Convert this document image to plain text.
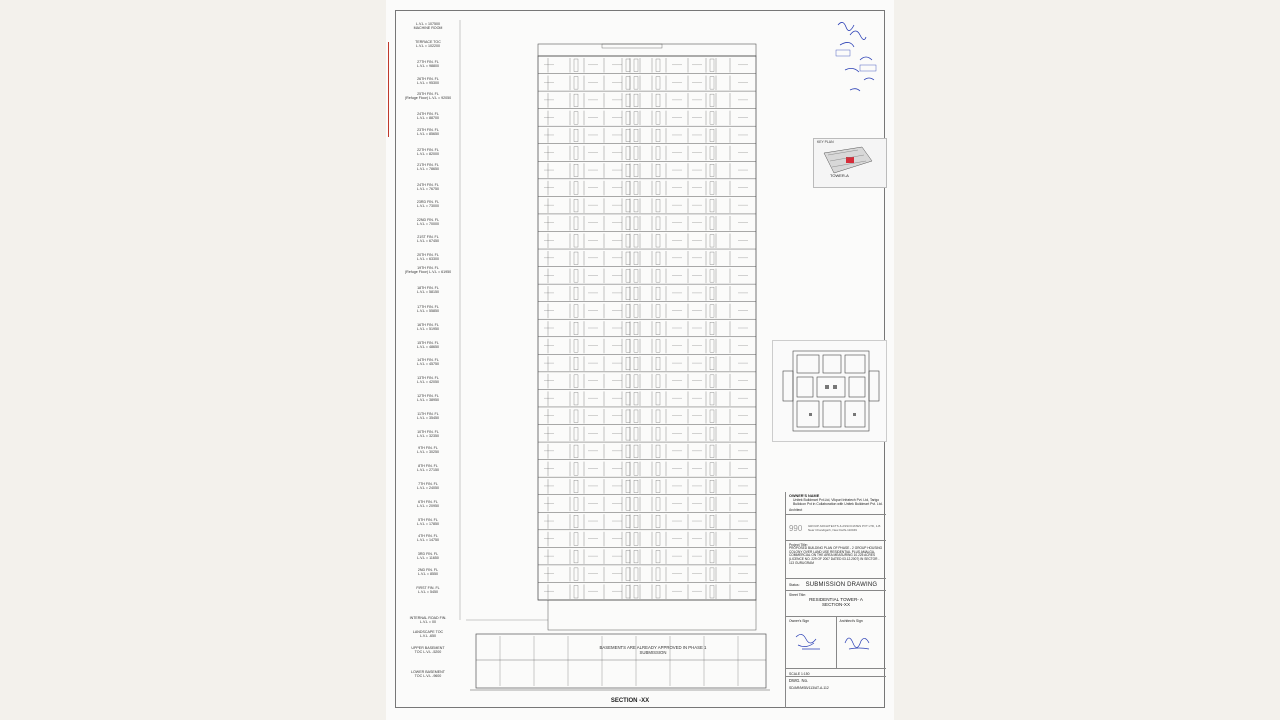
L.V.L = 107500
MACHINE ROOM
TERRACE TOC
L.V.L = 102200
27TH FIN. FL
L.V.L = 98800
26TH FIN. FL
L.V.L = 95300
25TH FIN. FL
(Refuge Floor) L.V.L = 92050
24TH FIN. FL
L.V.L = 88700
23TH FIN. FL
L.V.L = 85650
22TH FIN. FL
L.V.L = 82000
21TH FIN. FL
L.V.L = 78650
24TH FIN. FL
L.V.L = 76750
23RD FIN. FL
L.V.L = 73000
22ND FIN. FL
L.V.L = 70000
21ST FIN. FL
L.V.L = 67450
20TH FIN. FL
L.V.L = 63300
19TH FIN. FL
(Refuge Floor) L.V.L = 61950
18TH FIN. FL
L.V.L = 58150
17TH FIN. FL
L.V.L = 55850
16TH FIN. FL
L.V.L = 51950
15TH FIN. FL
L.V.L = 48650
14TH FIN. FL
L.V.L = 45750
13TH FIN. FL
L.V.L = 42050
12TH FIN. FL
L.V.L = 38950
11TH FIN. FL
L.V.L = 35450
10TH FIN. FL
L.V.L = 32350
9TH FIN. FL
L.V.L = 30250
8TH FIN. FL
L.V.L = 27150
7TH FIN. FL
L.V.L = 24050
6TH FIN. FL
L.V.L = 20950
5TH FIN. FL
L.V.L = 17850
4TH FIN. FL
L.V.L = 14750
3RD FIN. FL
L.V.L = 11650
2ND FIN. FL
L.V.L = 8550
FIRST FIN. FL
L.V.L = 5450
INTERNAL ROAD FIN.
L.V.L = 00
LANDSCAPE TOC
L.V.L -650
UPPER BASEMENT
TOC L.V.L -5200
LOWER BASEMENT
TOC L.V.L -9600
BASEMENTS ARE ALREADY APPROVED IN PHASE 1 SUBMISSION
SECTION -XX
KEY PLAN
TOWER-A
OWNER'S NAME
Unitek Buildmart Pvt.Ltd, Vikpuri Infratech Pvt. Ltd, Tarigo Buildcon Pvt in Collaboration with Unitek Buildmart Pvt. Ltd.
Architect
990 GROUP ARCHITECTS & ASSOCIATES PVT LTD, 1-B Near Chandigarh, New Delhi-110049
Project Title:
PROPOSED BUILDING PLAN OF PHASE - 2 GROUP HOUSING COLONY OVER LAND USE RESIDENTIAL PLUS AMALGA-COMMERCIAL ON THE AREA MEASURING 10.225 ACRES (LICENCE NO. 229 OF 2007 DATED 03.12.2007) IN SECTOR - 113 GURUGRAM
Status: SUBMISSION DRAWING
Sheet Title:
RESIDENTIAL TOWER- A SECTION-XX
Owner's Sign	Architect's Sign
SCALE 1:150
DWG. No.
SD/AR/MSB/113/AT-A-112
